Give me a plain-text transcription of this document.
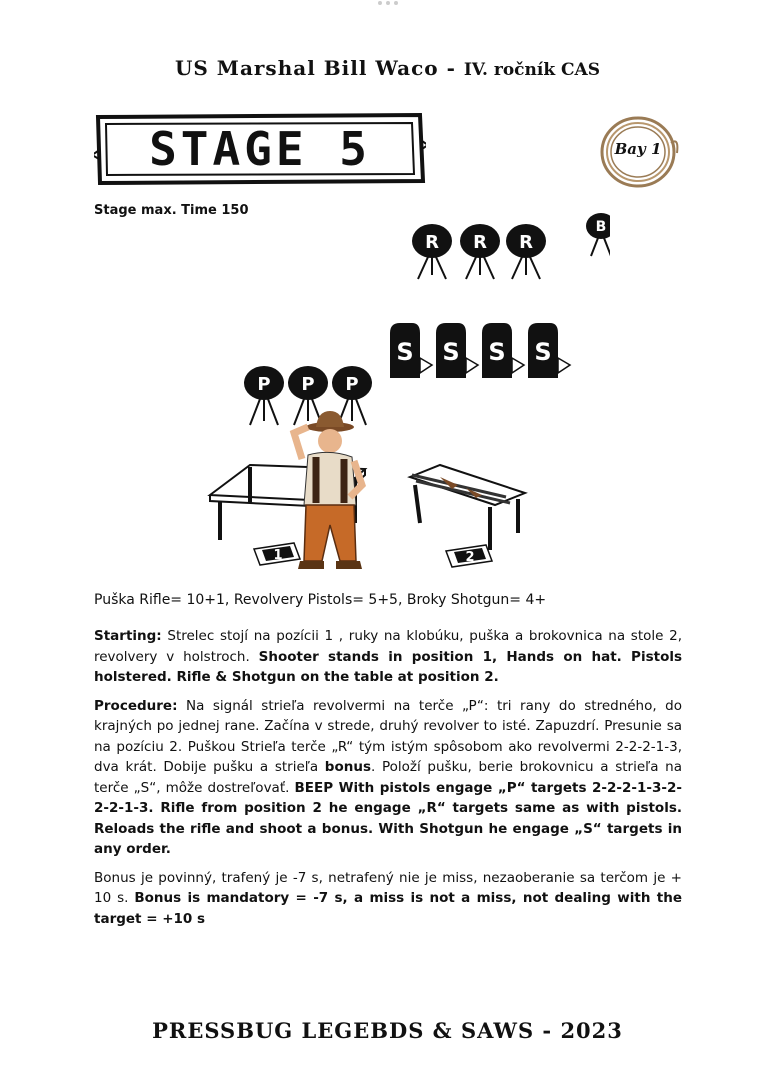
US Marshal Bill Waco - IV. ročník CAS
STAGE 5	Bay 1
Stage max. Time 150
R R R
B
S S S S
P P P
1	2
Puška Rifle= 10+1, Revolvery Pistols= 5+5, Broky Shotgun= 4+

Starting: Strelec stojí na pozícii 1 , ruky na klobúku, puška a brokovnica na stole 2, revolvery v holstroch. Shooter stands in position 1, Hands on hat. Pistols holstered. Rifle & Shotgun on the table at position 2.

Procedure: Na signál strieľa revolvermi na terče „P“: tri rany do stredného, do krajných po jednej rane. Začína v strede, druhý revolver to isté. Zapuzdrí. Presunie sa na pozíciu 2. Puškou Strieľa terče „R“ tým istým spôsobom ako revolvermi 2-2-2-1-3, dva krát. Dobije pušku a strieľa bonus. Položí pušku, berie brokovnicu a strieľa na terče „S“, môže dostreľovať. BEEP With pistols engage „P“ targets 2-2-2-1-3-2-2-2-1-3. Rifle from position 2 he engage „R“ targets same as with pistols. Reloads the rifle and shoot a bonus. With Shotgun he engage „S“ targets in any order.

Bonus je povinný, trafený je -7 s, netrafený nie je miss, nezaoberanie sa terčom je + 10 s. Bonus is mandatory = -7 s, a miss is not a miss, not dealing with the target = +10 s

PRESSBUG LEGEBDS & SAWS - 2023
